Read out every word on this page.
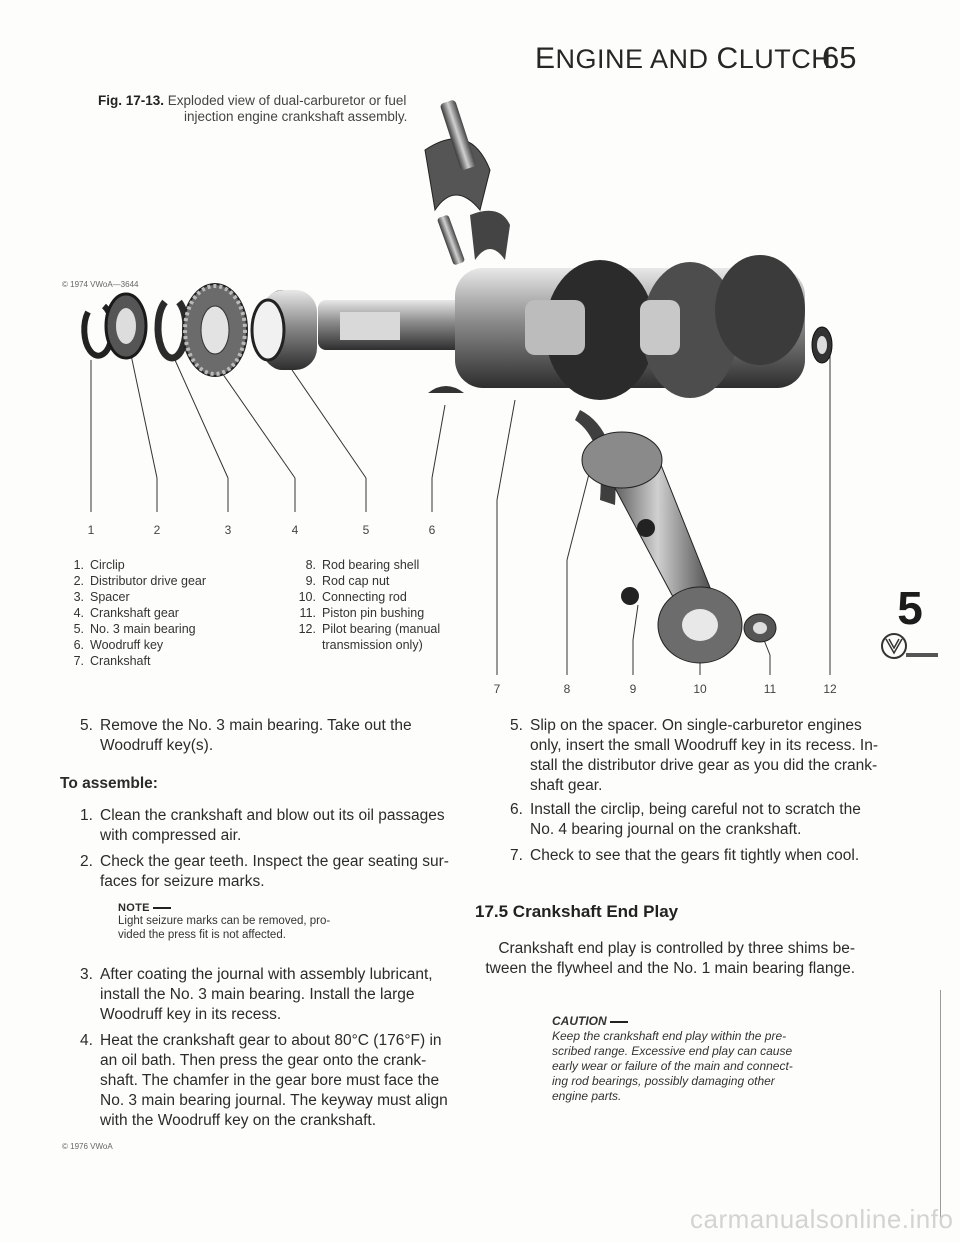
ENGINE AND CLUTCH
65
Fig. 17-13. Exploded view of dual-carburetor or fuel
injection engine crankshaft assembly.
© 1974 VWoA—3644
1	2	3	4	5	6
7	8	9	10	11	12
1. Circlip
2. Distributor drive gear
3. Spacer
4. Crankshaft gear
5. No. 3 main bearing
6. Woodruff key
7. Crankshaft
8. Rod bearing shell
9. Rod cap nut
10. Connecting rod
11. Piston pin bushing
12. Pilot bearing (manual
transmission only)
5. Remove the No. 3 main bearing. Take out the
Woodruff key(s).
To assemble:
1. Clean the crankshaft and blow out its oil passages
with compressed air.
2. Check the gear teeth. Inspect the gear seating sur-
faces for seizure marks.
NOTE
Light seizure marks can be removed, pro-
vided the press fit is not affected.
3. After coating the journal with assembly lubricant,
install the No. 3 main bearing. Install the large
Woodruff key in its recess.
4. Heat the crankshaft gear to about 80°C (176°F) in
an oil bath. Then press the gear onto the crank-
shaft. The chamfer in the gear bore must face the
No. 3 main bearing journal. The keyway must align
with the Woodruff key on the crankshaft.
© 1976 VWoA
5. Slip on the spacer. On single-carburetor engines
only, insert the small Woodruff key in its recess. In-
stall the distributor drive gear as you did the crank-
shaft gear.
6. Install the circlip, being careful not to scratch the
No. 4 bearing journal on the crankshaft.
7. Check to see that the gears fit tightly when cool.
17.5 Crankshaft End Play
Crankshaft end play is controlled by three shims be-
tween the flywheel and the No. 1 main bearing flange.
CAUTION
Keep the crankshaft end play within the pre-
scribed range. Excessive end play can cause
early wear or failure of the main and connect-
ing rod bearings, possibly damaging other
engine parts.
5
carmanualsonline.info
